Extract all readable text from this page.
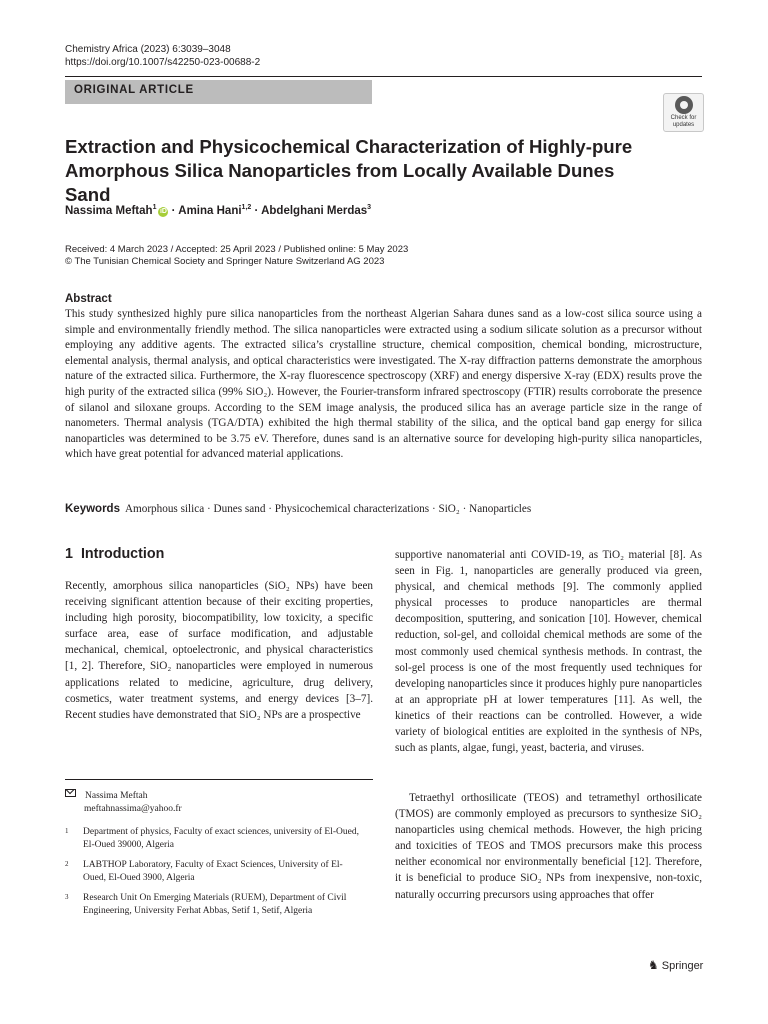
Chemistry Africa (2023) 6:3039–3048
https://doi.org/10.1007/s42250-023-00688-2
ORIGINAL ARTICLE
Check for
updates
Extraction and Physicochemical Characterization of Highly-pure Amorphous Silica Nanoparticles from Locally Available Dunes Sand
Nassima Meftah$^1$iD · Amina Hani$^{1,2}$ · Abdelghani Merdas$^3$
Received: 4 March 2023 / Accepted: 25 April 2023 / Published online: 5 May 2023
© The Tunisian Chemical Society and Springer Nature Switzerland AG 2023
Abstract
This study synthesized highly pure silica nanoparticles from the northeast Algerian Sahara dunes sand as a low-cost silica source using a simple and environmentally friendly method. The silica nanoparticles were extracted using a sodium silicate solution as a precursor without employing any additive agents. The extracted silica’s crystalline structure, chemical composition, chemical bonding, microstructure, elemental analysis, thermal analysis, and optical characteristics were investigated. The X-ray diffraction patterns demonstrate the amorphous nature of the extracted silica. Furthermore, the X-ray fluorescence spectroscopy (XRF) and energy dispersive X-ray (EDX) results prove the high purity of the extracted silica (99% SiO₂). However, the Fourier-transform infrared spectroscopy (FTIR) results corroborate the presence of silanol and siloxane groups. According to the SEM image analysis, the produced silica has an average particle size in the range of nanometers. Thermal analysis (TGA/DTA) exhibited the high thermal stability of the silica, and the optical band gap energy for silica nanoparticles was determined to be 3.75 eV. Therefore, dunes sand is an alternative source for developing high-purity silica nanoparticles, which have great potential for advanced material applications.
Keywords Amorphous silica · Dunes sand · Physicochemical characterizations · SiO₂ · Nanoparticles
1 Introduction
Recently, amorphous silica nanoparticles (SiO₂ NPs) have been receiving significant attention because of their exciting properties, including high porosity, biocompatibility, low toxicity, a specific surface area, ease of surface modification, and adjustable mechanical, chemical, optoelectronic, and physical characteristics [1, 2]. Therefore, SiO₂ nanoparticles were employed in numerous applications related to medicine, agriculture, drug delivery, cosmetics, water treatment systems, and energy devices [3–7]. Recent studies have demonstrated that SiO₂ NPs are a prospective
supportive nanomaterial anti COVID-19, as TiO₂ material [8]. As seen in Fig. 1, nanoparticles are generally produced via green, physical, and chemical methods [9]. The commonly applied physical processes to produce nanoparticles are thermal decomposition, sputtering, and sonication [10]. However, chemical reduction, sol-gel, and colloidal chemical methods are some of the most commonly used chemical synthesis methods. In contrast, the sol-gel process is one of the most frequently used techniques for developing nanoparticles since it produces highly pure nanoparticles at an appropriate pH at lower temperatures [11]. As well, the kinetics of their reactions can be controlled. However, a wide variety of biological entities are exploited in the synthesis of NPs, such as plants, algae, fungi, yeast, bacteria, and viruses.
Tetraethyl orthosilicate (TEOS) and tetramethyl orthosilicate (TMOS) are commonly employed as precursors to synthesize SiO₂ nanoparticles using chemical methods. However, the high pricing and toxicities of TEOS and TMOS precursors make this process neither economical nor environmentally beneficial [12]. Therefore, it is beneficial to produce SiO₂ NPs from inexpensive, non-toxic, naturally occurring precursors using approaches that offer
Nassima Meftah
meftahnassima@yahoo.fr
1 Department of physics, Faculty of exact sciences, university of El-Oued, El-Oued 39000, Algeria
2 LABTHOP Laboratory, Faculty of Exact Sciences, University of El-Oued, El-Oued 3900, Algeria
3 Research Unit On Emerging Materials (RUEM), Department of Civil Engineering, University Ferhat Abbas, Setif 1, Setif, Algeria
♞ Springer
